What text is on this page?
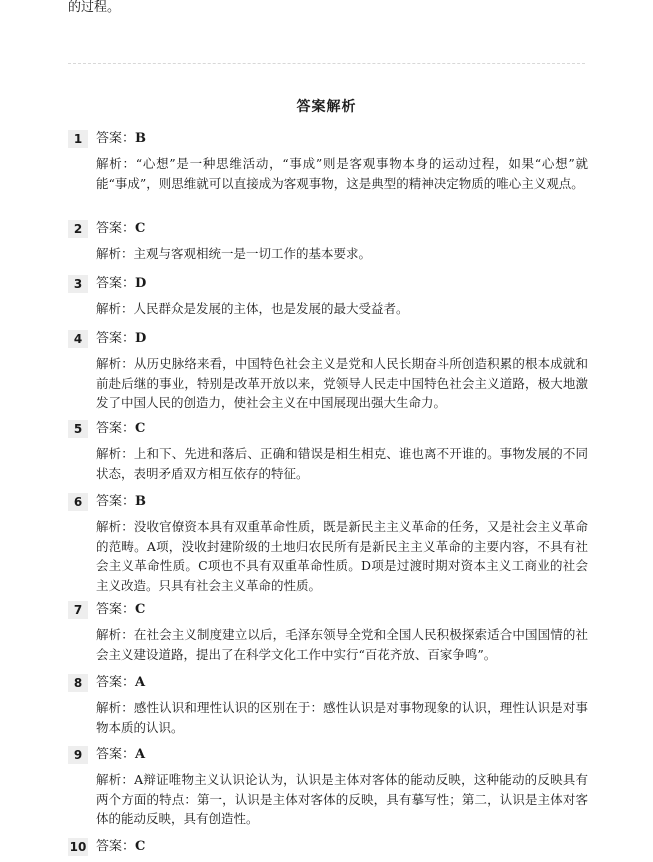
的过程。
答案解析
1	答案：B
解析：“心想”是一种思维活动，“事成”则是客观事物本身的运动过程，如果“心想”就能“事成”，则思维就可以直接成为客观事物，这是典型的精神决定物质的唯心主义观点。
2	答案：C
解析：主观与客观相统一是一切工作的基本要求。
3	答案：D
解析：人民群众是发展的主体，也是发展的最大受益者。
4	答案：D
解析：从历史脉络来看，中国特色社会主义是党和人民长期奋斗所创造积累的根本成就和前赴后继的事业，特别是改革开放以来，党领导人民走中国特色社会主义道路，极大地激发了中国人民的创造力，使社会主义在中国展现出强大生命力。
5	答案：C
解析：上和下、先进和落后、正确和错误是相生相克、谁也离不开谁的。事物发展的不同状态，表明矛盾双方相互依存的特征。
6	答案：B
解析：没收官僚资本具有双重革命性质，既是新民主主义革命的任务，又是社会主义革命的范畴。A项，没收封建阶级的土地归农民所有是新民主主义革命的主要内容，不具有社会主义革命性质。C项也不具有双重革命性质。D项是过渡时期对资本主义工商业的社会主义改造。只具有社会主义革命的性质。
7	答案：C
解析：在社会主义制度建立以后，毛泽东领导全党和全国人民积极探索适合中国国情的社会主义建设道路，提出了在科学文化工作中实行“百花齐放、百家争鸣”。
8	答案：A
解析：感性认识和理性认识的区别在于：感性认识是对事物现象的认识，理性认识是对事物本质的认识。
9	答案：A
解析：A辩证唯物主义认识论认为，认识是主体对客体的能动反映，这种能动的反映具有两个方面的特点：第一，认识是主体对客体的反映，具有摹写性；第二，认识是主体对客体的能动反映，具有创造性。
10 答案：C
